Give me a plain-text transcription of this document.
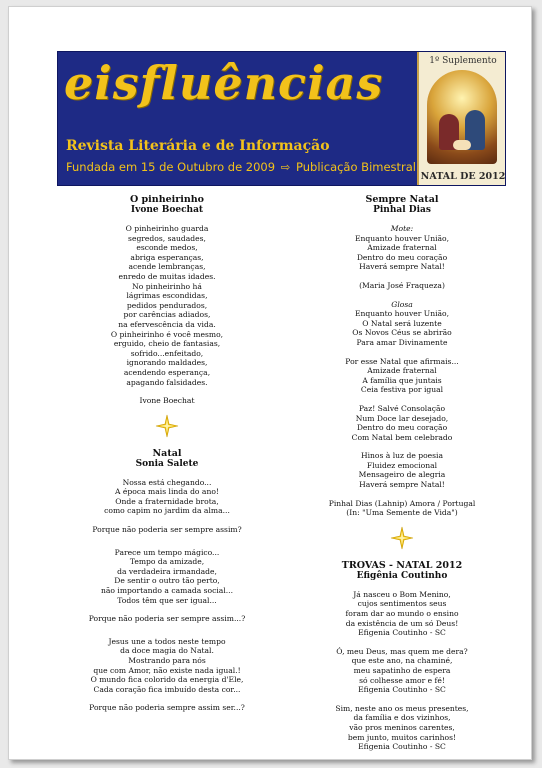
eisfluências
Revista Literária e de Informação
Fundada em 15 de Outubro de 2009 ⇨ Publicação Bimestral
1º Suplemento
NATAL DE 2012
O pinheirinho
Ivone Boechat
O pinheirinho guarda
segredos, saudades,
esconde medos,
abriga esperanças,
acende lembranças,
enredo de muitas idades.
No pinheirinho há
lágrimas escondidas,
pedidos pendurados,
por carências adiados,
na efervescência da vida.
O pinheirinho é você mesmo,
erguido, cheio de fantasias,
sofrido...enfeitado,
ignorando maldades,
acendendo esperança,
apagando falsidades.
Ivone Boechat
Natal
Sonia Salete
Nossa está chegando...
A época mais linda do ano!
Onde a fraternidade brota,
como capim no jardim da alma...
Porque não poderia ser sempre assim?
Parece um tempo mágico...
Tempo da amizade,
da verdadeira irmandade,
De sentir o outro tão perto,
não importando a camada social...
Todos têm que ser igual...
Porque não poderia ser sempre assim...?
Jesus une a todos neste tempo
da doce magia do Natal.
Mostrando para nós
que com Amor, não existe nada igual.!
O mundo fica colorido da energia d'Ele,
Cada coração fica imbuído desta cor...
Porque não poderia sempre assim ser...?
Sempre Natal
Pinhal Dias
Mote:
Enquanto houver União,
Amizade fraternal
Dentro do meu coração
Haverá sempre Natal!
(Maria José Fraqueza)
Glosa
Enquanto houver União,
O Natal será luzente
Os Novos Céus se abrirão
Para amar Divinamente
Por esse Natal que afirmais...
Amizade fraternal
A família que juntais
Ceia festiva por igual
Paz! Salvé Consolação
Num Doce lar desejado,
Dentro do meu coração
Com Natal bem celebrado
Hinos à luz de poesia
Fluidez emocional
Mensageiro de alegria
Haverá sempre Natal!
Pinhal Dias (Lahnip) Amora / Portugal
(In: "Uma Semente de Vida")
TROVAS - NATAL 2012
Efigênia Coutinho
Já nasceu o Bom Menino,
cujos sentimentos seus
foram dar ao mundo o ensino
da existência de um só Deus!
Efigenia Coutinho - SC
Ó, meu Deus, mas quem me dera?
que este ano, na chaminé,
meu sapatinho de espera
só colhesse amor e fé!
Efigenia Coutinho - SC
Sim, neste ano os meus presentes,
da família e dos vizinhos,
vão pros meninos carentes,
bem junto, muitos carinhos!
Efigenia Coutinho - SC
